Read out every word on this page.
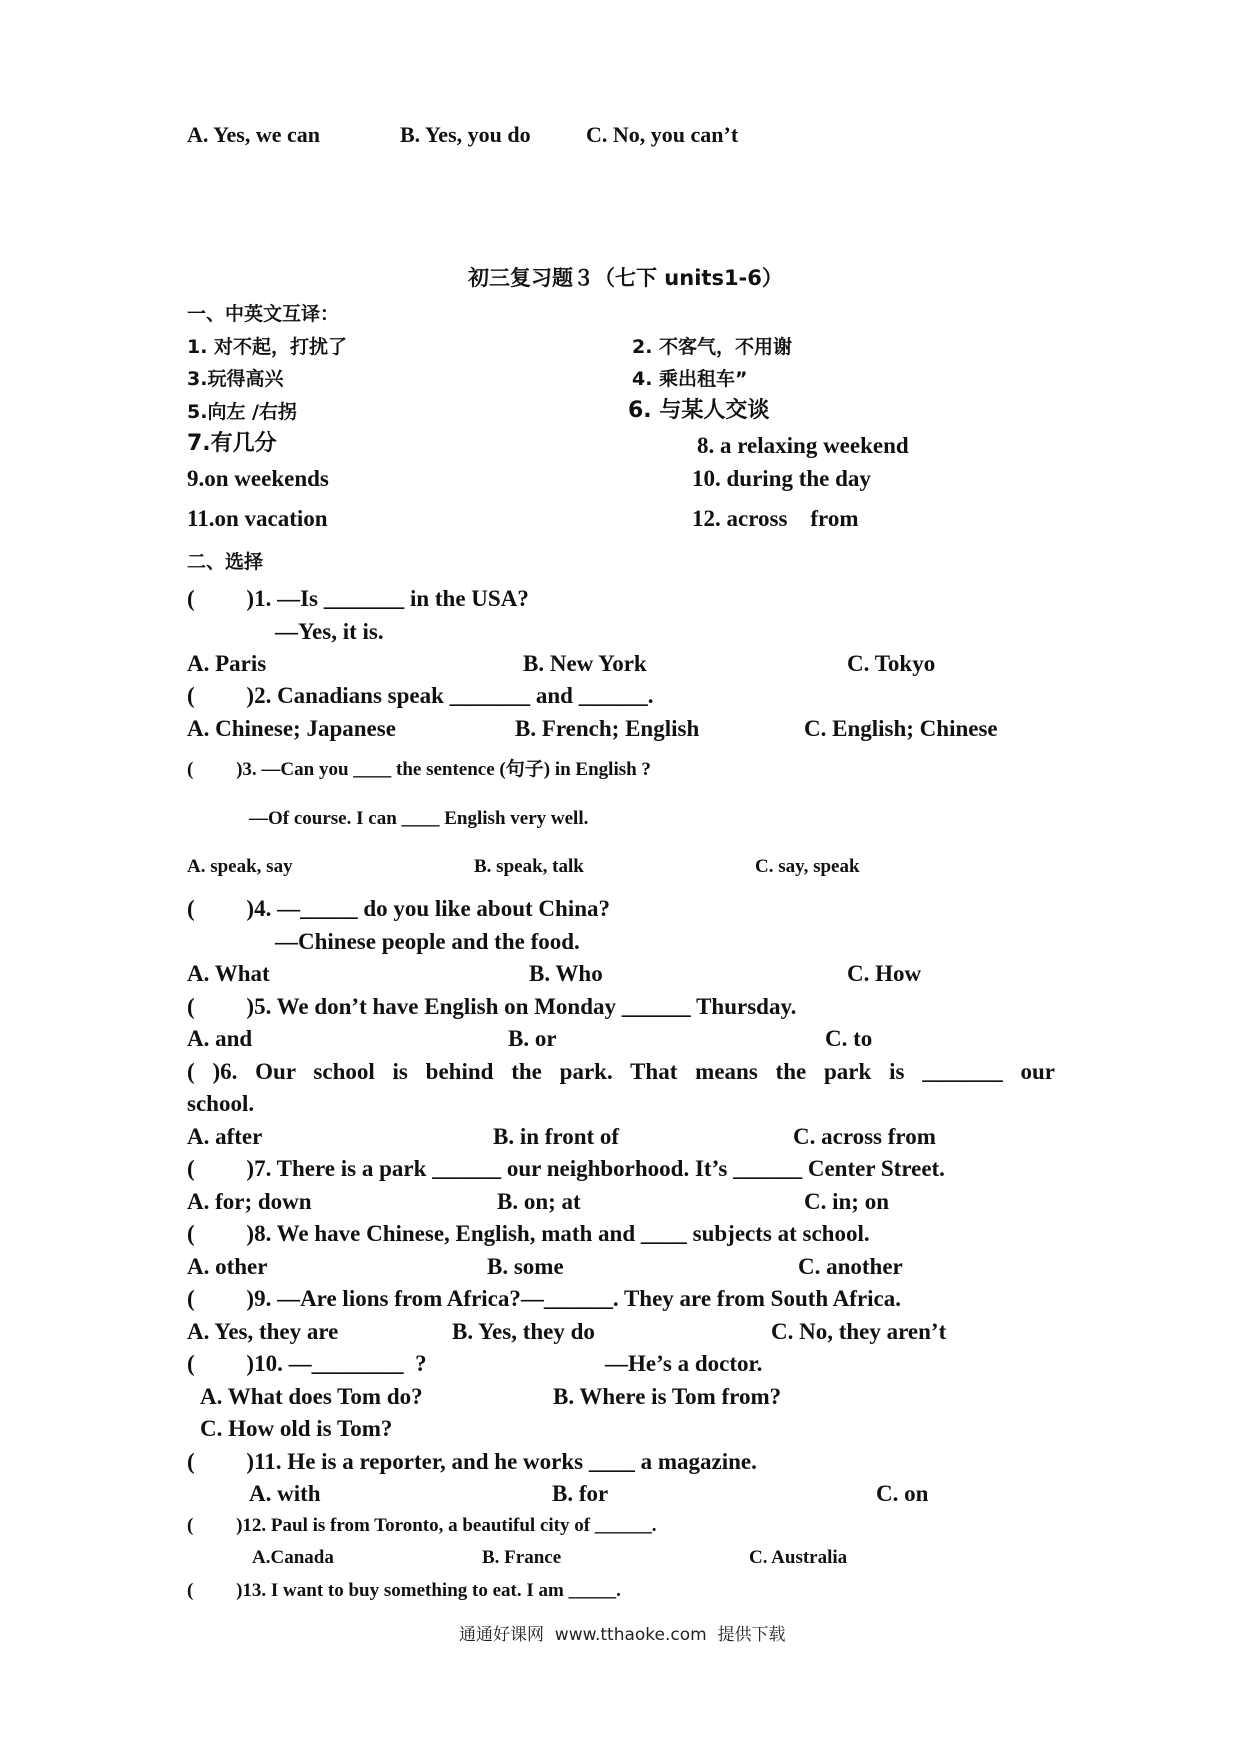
A. Yes, we can	B. Yes, you do	C. No, you can’t
初三复习题３（七下 units1-6）
一、中英文互译：
1. 对不起，打扰了	2. 不客气，不用谢
3.玩得高兴	4. 乘出租车”
5.向左 /右拐	6. 与某人交谈
7.有几分	8. a relaxing weekend
9.on weekends	10. during the day
11.on vacation	12. across    from
二、选择
(         )1. —Is _______ in the USA?
—Yes, it is.
A. Paris	B. New York	C. Tokyo
(         )2. Canadians speak _______ and ______.
A. Chinese; Japanese	B. French; English	C. English; Chinese
(         )3. —Can you ____ the sentence (句子) in English ?
—Of course. I can ____ English very well.
A. speak, say	B. speak, talk	C. say, speak
(         )4. —_____ do you like about China?
—Chinese people and the food.
A. What	B. Who	C. How
(         )5. We don’t have English on Monday ______ Thursday.
A. and	B. or	C. to
( )6. Our school is behind the park. That means the park is _______ our
school.
A. after	B. in front of	C. across from
(         )7. There is a park ______ our neighborhood. It’s ______ Center Street.
A. for; down	B. on; at	C. in; on
(         )8. We have Chinese, English, math and ____ subjects at school.
A. other	B. some	C. another
(         )9. —Are lions from Africa?—______. They are from South Africa.
A. Yes, they are	B. Yes, they do	C. No, they aren’t
(         )10. —________  ?	—He’s a doctor.
A. What does Tom do?	B. Where is Tom from?
C. How old is Tom?
(         )11. He is a reporter, and he works ____ a magazine.
A. with	B. for	C. on
(         )12. Paul is from Toronto, a beautiful city of ______.
A.Canada	B. France	C. Australia
(         )13. I want to buy something to eat. I am _____.
通通好课网  www.tthaoke.com  提供下载
